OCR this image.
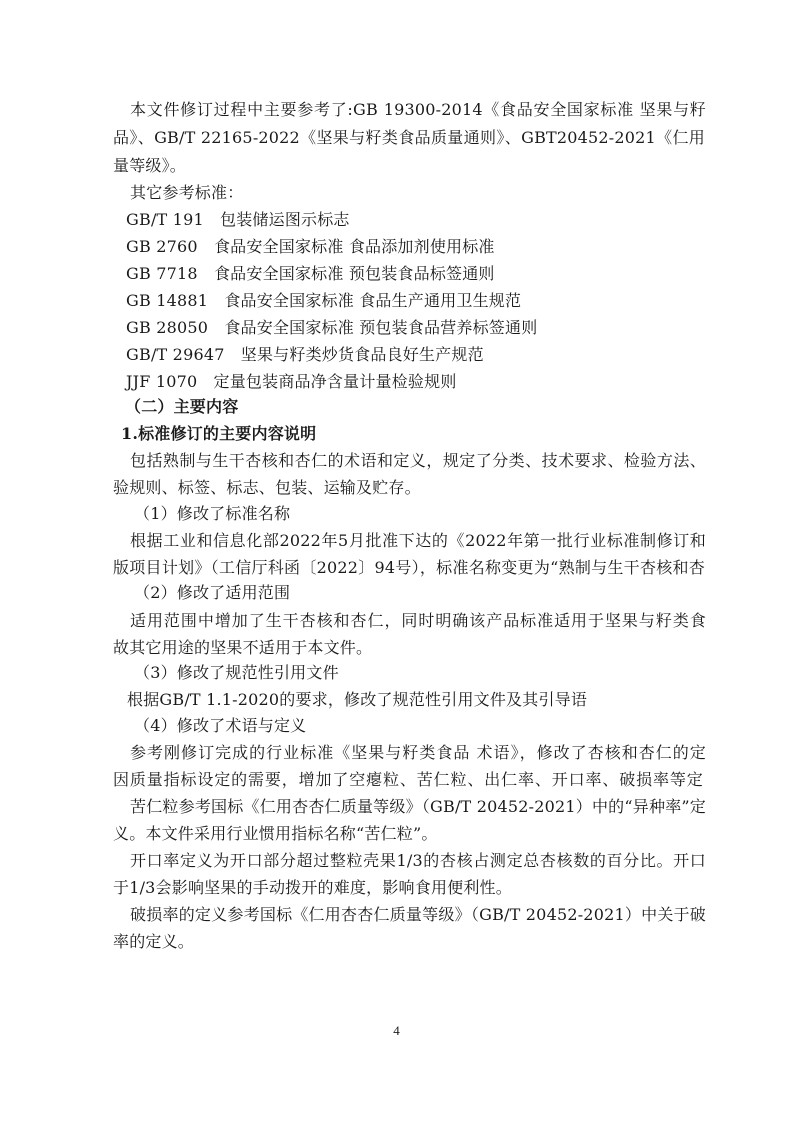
本文件修订过程中主要参考了:GB 19300-2014《食品安全国家标准 坚果与籽
品》、GB/T 22165-2022《坚果与籽类食品质量通则》、GBT20452-2021《仁用
量等级》。
其它参考标准：
GB/T 191　包装储运图示标志
GB 2760　食品安全国家标准 食品添加剂使用标准
GB 7718　食品安全国家标准 预包装食品标签通则
GB 14881　食品安全国家标准 食品生产通用卫生规范
GB 28050　食品安全国家标准 预包装食品营养标签通则
GB/T 29647　坚果与籽类炒货食品良好生产规范
JJF 1070　定量包装商品净含量计量检验规则
（二）主要内容
1.标准修订的主要内容说明
包括熟制与生干杏核和杏仁的术语和定义，规定了分类、技术要求、检验方法、
验规则、标签、标志、包装、运输及贮存。
（1）修改了标准名称
根据工业和信息化部2022年5月批准下达的《2022年第一批行业标准制修订和
版项目计划》（工信厅科函〔2022〕94号），标准名称变更为“熟制与生干杏核和杏
（2）修改了适用范围
适用范围中增加了生干杏核和杏仁，同时明确该产品标准适用于坚果与籽类食
故其它用途的坚果不适用于本文件。
（3）修改了规范性引用文件
根据GB/T 1.1-2020的要求，修改了规范性引用文件及其引导语
（4）修改了术语与定义
参考刚修订完成的行业标准《坚果与籽类食品 术语》，修改了杏核和杏仁的定
因质量指标设定的需要，增加了空瘪粒、苦仁粒、出仁率、开口率、破损率等定
苦仁粒参考国标《仁用杏杏仁质量等级》（GB/T 20452-2021）中的“异种率”定
义。本文件采用行业惯用指标名称“苦仁粒”。
开口率定义为开口部分超过整粒壳果1/3的杏核占测定总杏核数的百分比。开口
于1/3会影响坚果的手动拨开的难度，影响食用便利性。
破损率的定义参考国标《仁用杏杏仁质量等级》（GB/T 20452-2021）中关于破
率的定义。
4
